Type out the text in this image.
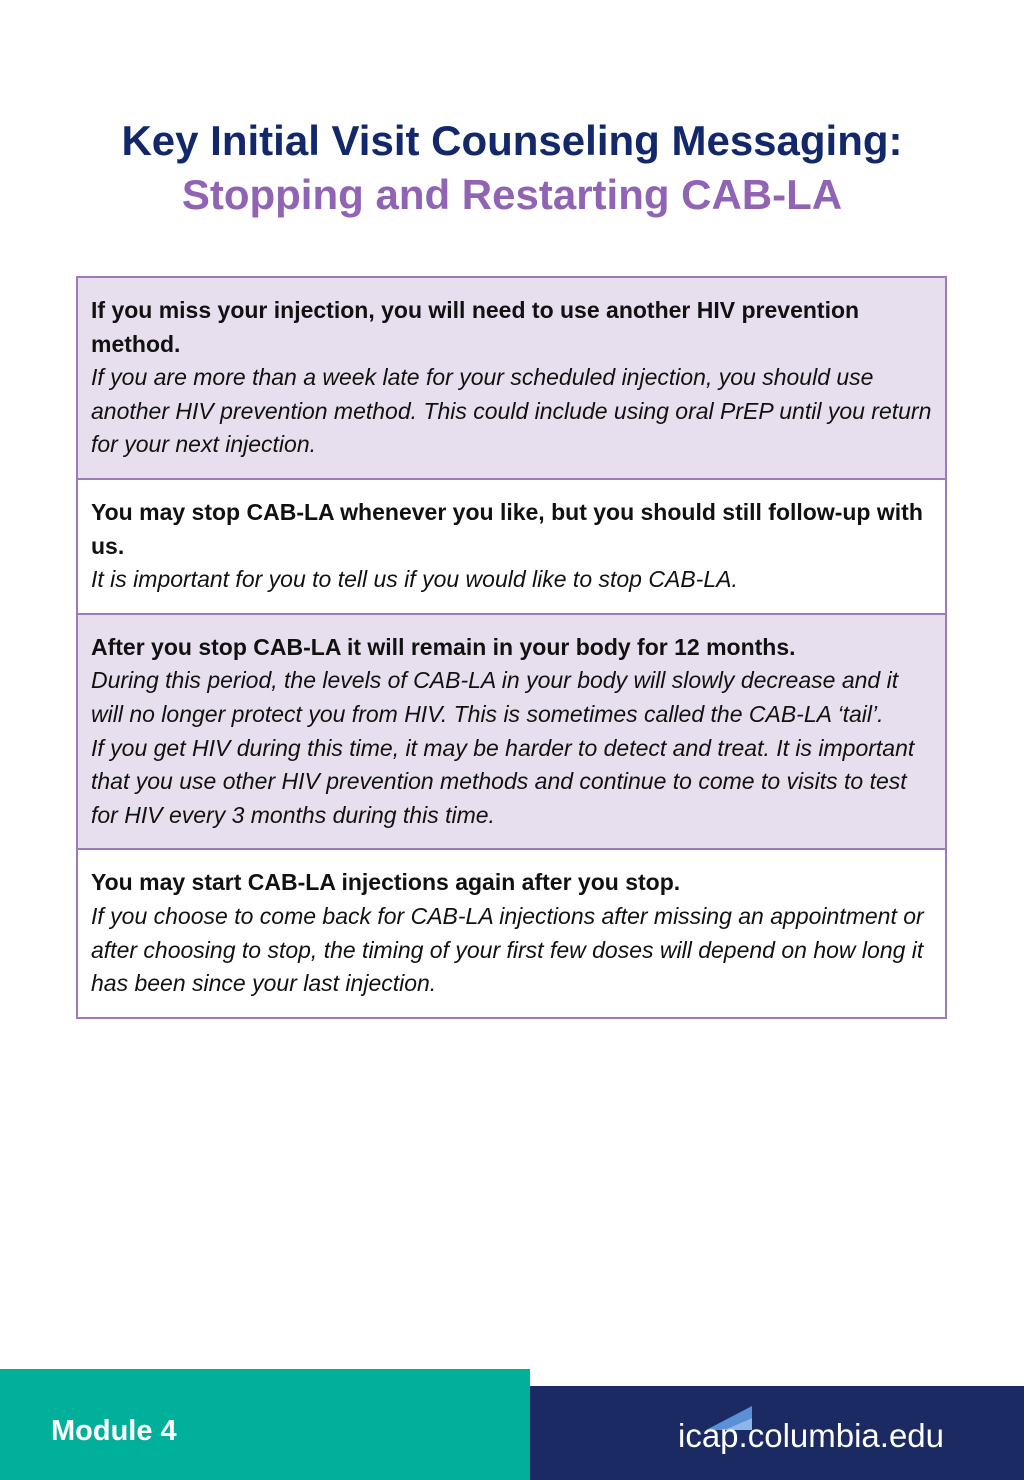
Key Initial Visit Counseling Messaging:
Stopping and Restarting CAB-LA
If you miss your injection, you will need to use another HIV prevention method.
If you are more than a week late for your scheduled injection, you should use another HIV prevention method. This could include using oral PrEP until you return for your next injection.
You may stop CAB-LA whenever you like, but you should still follow-up with us.
It is important for you to tell us if you would like to stop CAB-LA.
After you stop CAB-LA it will remain in your body for 12 months.
During this period, the levels of CAB-LA in your body will slowly decrease and it will no longer protect you from HIV. This is sometimes called the CAB-LA ‘tail’.
If you get HIV during this time, it may be harder to detect and treat. It is important that you use other HIV prevention methods and continue to come to visits to test for HIV every 3 months during this time.
You may start CAB-LA injections again after you stop.
If you choose to come back for CAB-LA injections after missing an appointment or after choosing to stop, the timing of your first few doses will depend on how long it has been since your last injection.
Module 4	icap.columbia.edu
